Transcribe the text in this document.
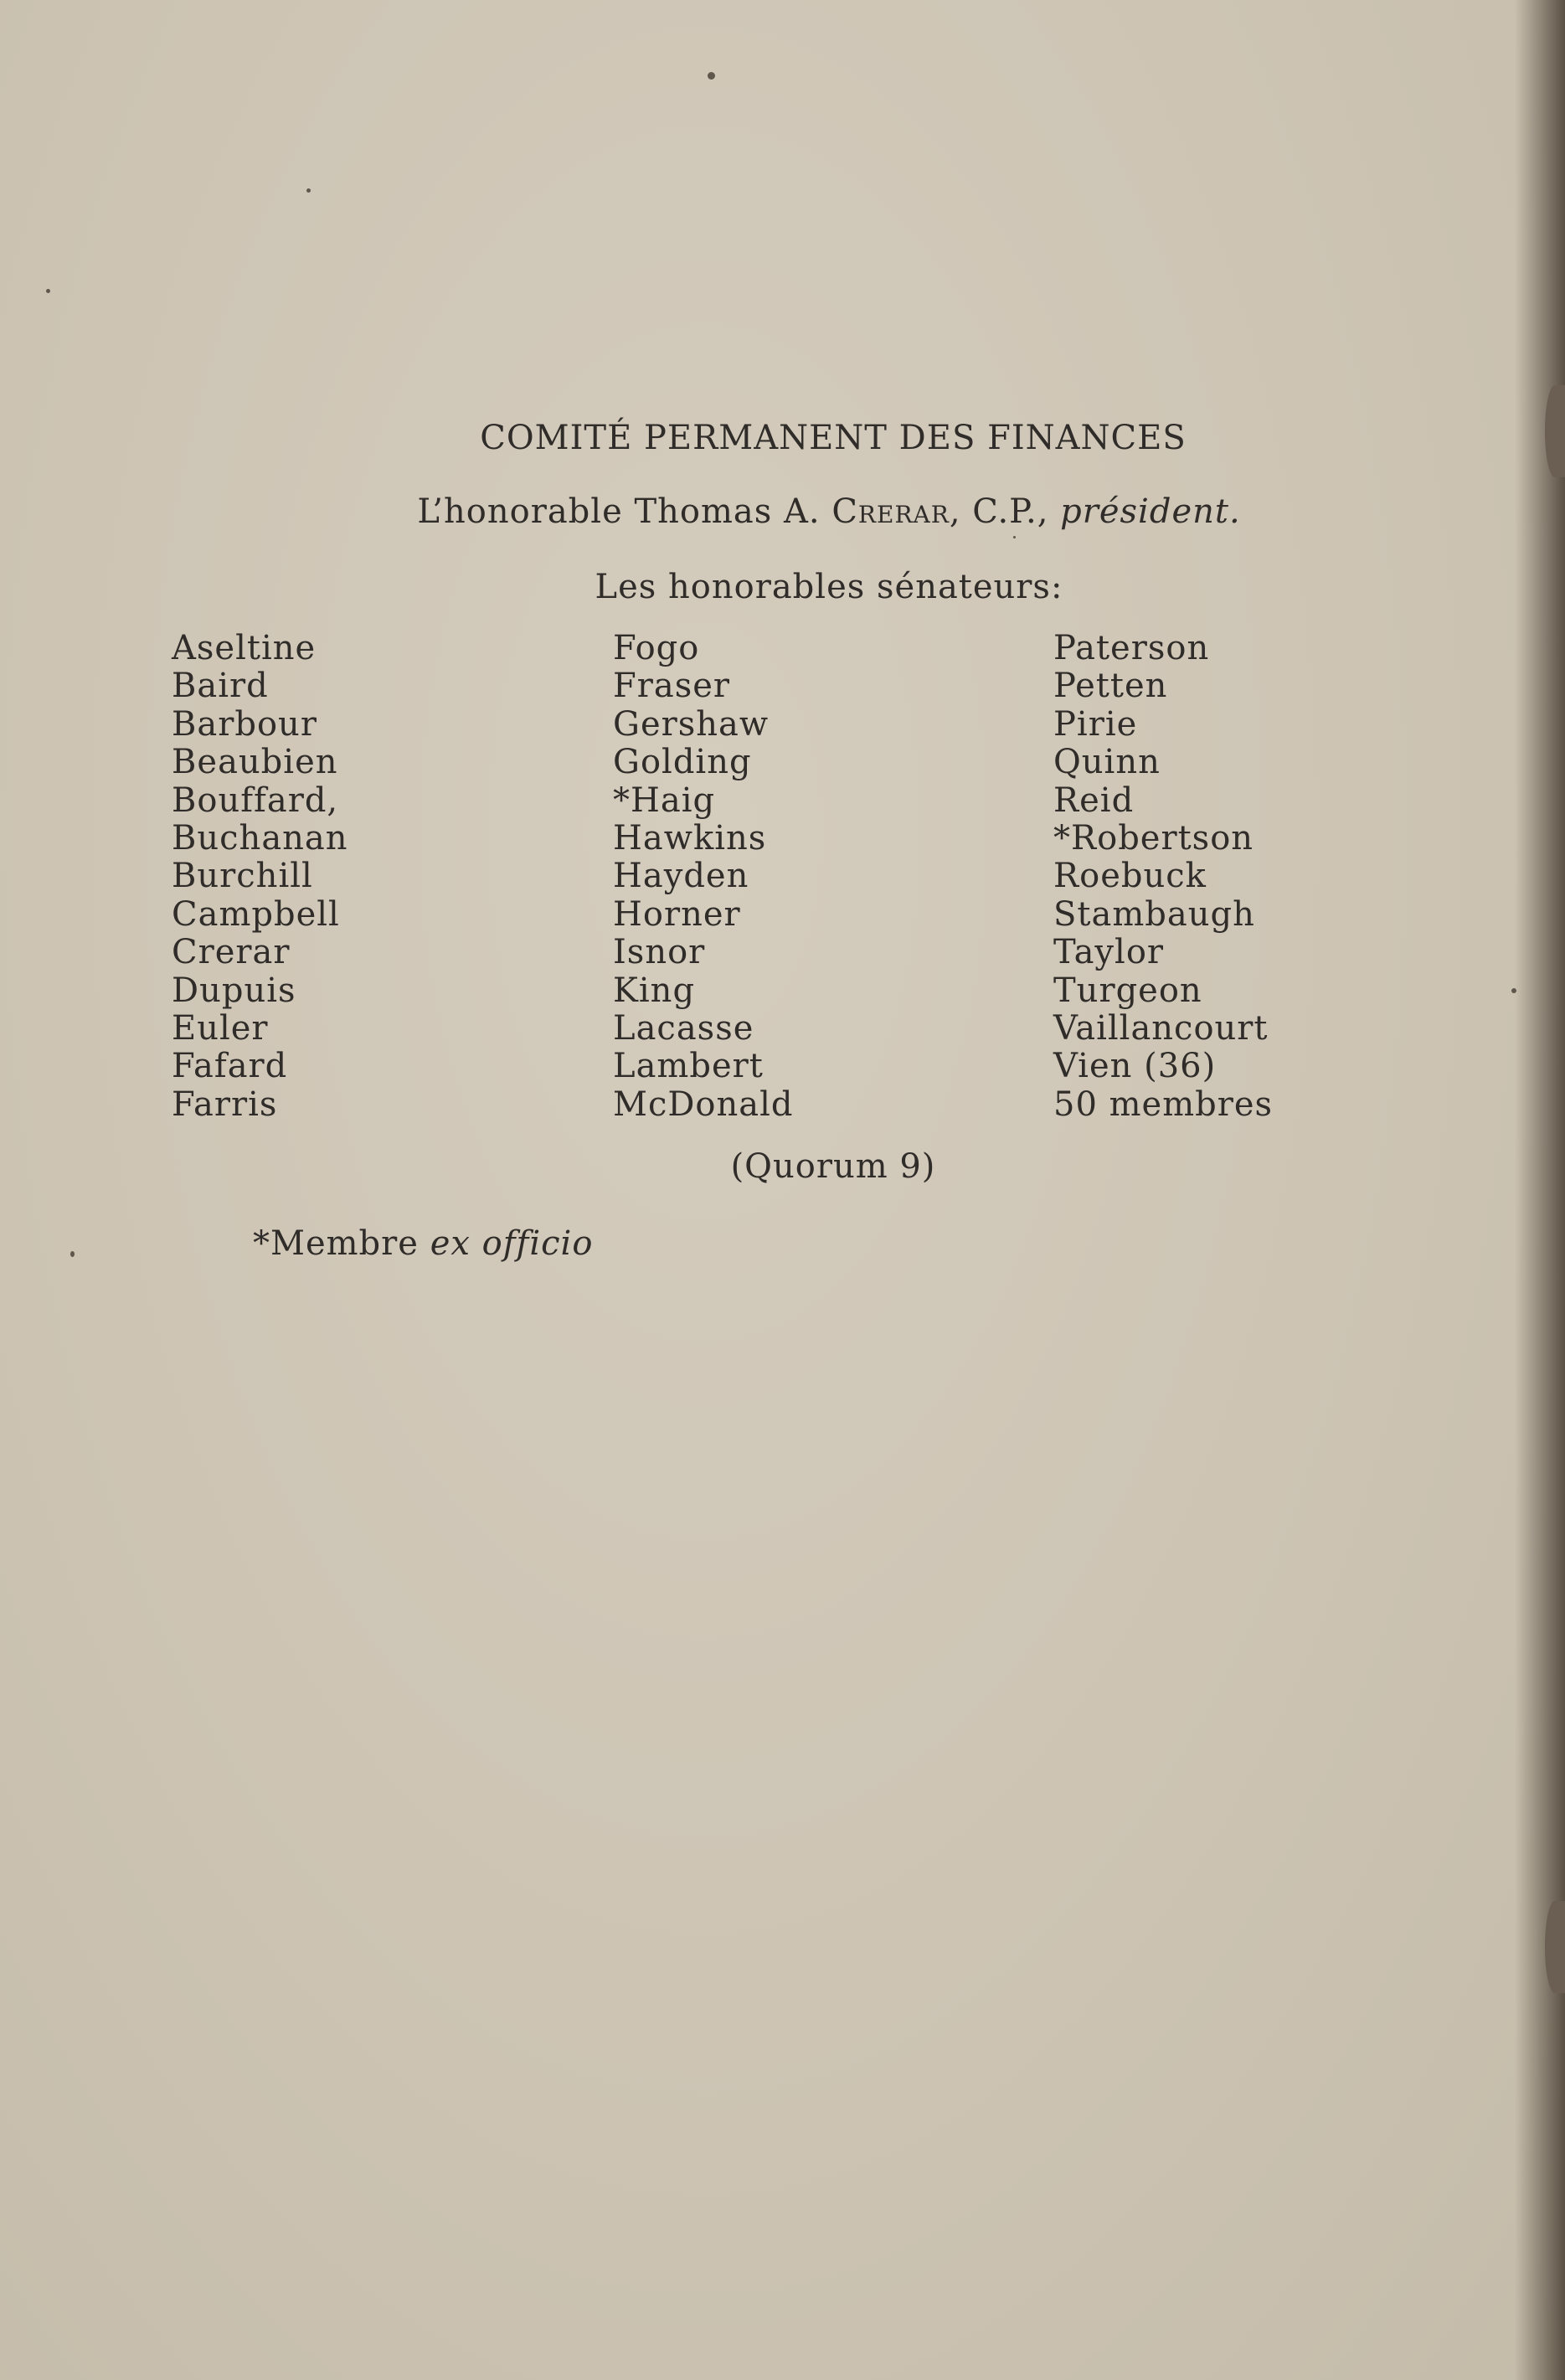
COMITÉ PERMANENT DES FINANCES

L’honorable Thomas A. Crerar, C.P., président.

Les honorables sénateurs:

Aseltine
Baird
Barbour
Beaubien
Bouffard,
Buchanan
Burchill
Campbell
Crerar
Dupuis
Euler
Fafard
Farris
Fogo
Fraser
Gershaw
Golding
*Haig
Hawkins
Hayden
Horner
Isnor
King
Lacasse
Lambert
McDonald
Paterson
Petten
Pirie
Quinn
Reid
*Robertson
Roebuck
Stambaugh
Taylor
Turgeon
Vaillancourt
Vien (36)
50 membres

(Quorum 9)

*Membre ex officio
